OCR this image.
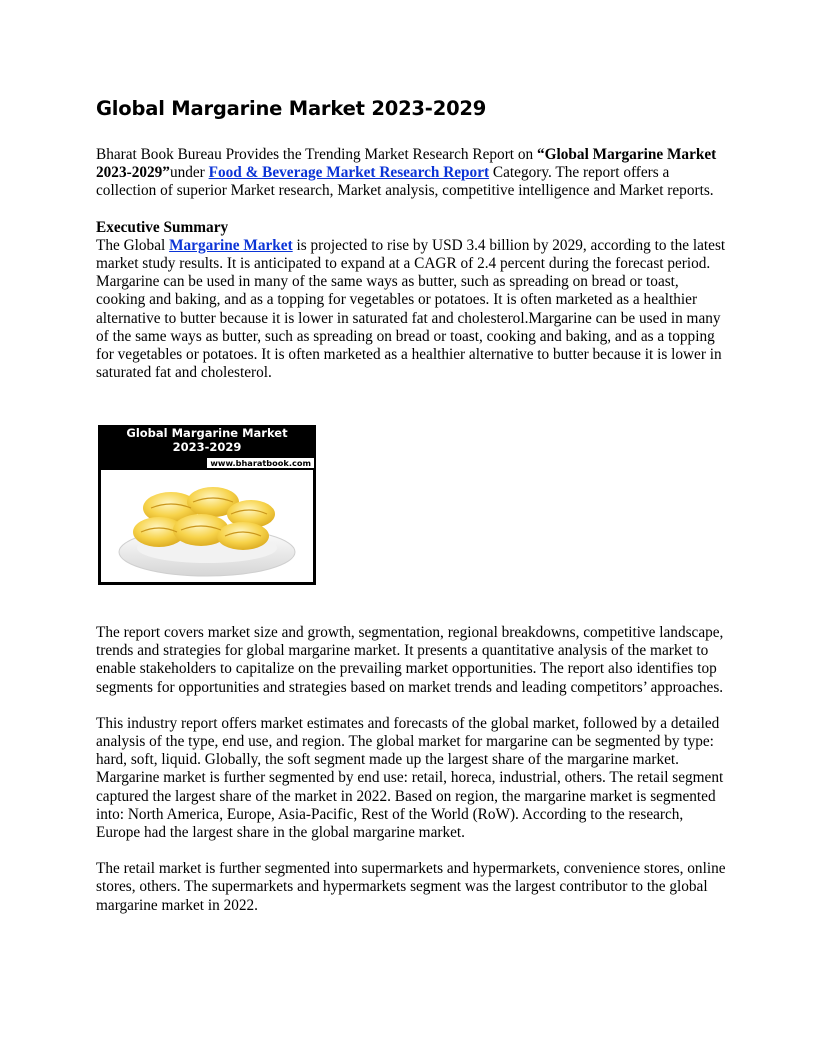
Global Margarine Market 2023-2029

Bharat Book Bureau Provides the Trending Market Research Report on “Global Margarine Market 2023-2029”under Food & Beverage Market Research Report Category. The report offers a collection of superior Market research, Market analysis, competitive intelligence and Market reports.

Executive Summary
The Global Margarine Market is projected to rise by USD 3.4 billion by 2029, according to the latest market study results. It is anticipated to expand at a CAGR of 2.4 percent during the forecast period. Margarine can be used in many of the same ways as butter, such as spreading on bread or toast, cooking and baking, and as a topping for vegetables or potatoes. It is often marketed as a healthier alternative to butter because it is lower in saturated fat and cholesterol.Margarine can be used in many of the same ways as butter, such as spreading on bread or toast, cooking and baking, and as a topping for vegetables or potatoes. It is often marketed as a healthier alternative to butter because it is lower in saturated fat and cholesterol.

Global Margarine Market
2023-2029
www.bharatbook.com

The report covers market size and growth, segmentation, regional breakdowns, competitive landscape, trends and strategies for global margarine market. It presents a quantitative analysis of the market to enable stakeholders to capitalize on the prevailing market opportunities. The report also identifies top segments for opportunities and strategies based on market trends and leading competitors’ approaches.

This industry report offers market estimates and forecasts of the global market, followed by a detailed analysis of the type, end use, and region. The global market for margarine can be segmented by type: hard, soft, liquid. Globally, the soft segment made up the largest share of the margarine market. Margarine market is further segmented by end use: retail, horeca, industrial, others. The retail segment captured the largest share of the market in 2022. Based on region, the margarine market is segmented into: North America, Europe, Asia-Pacific, Rest of the World (RoW). According to the research, Europe had the largest share in the global margarine market.

The retail market is further segmented into supermarkets and hypermarkets, convenience stores, online stores, others. The supermarkets and hypermarkets segment was the largest contributor to the global margarine market in 2022.
